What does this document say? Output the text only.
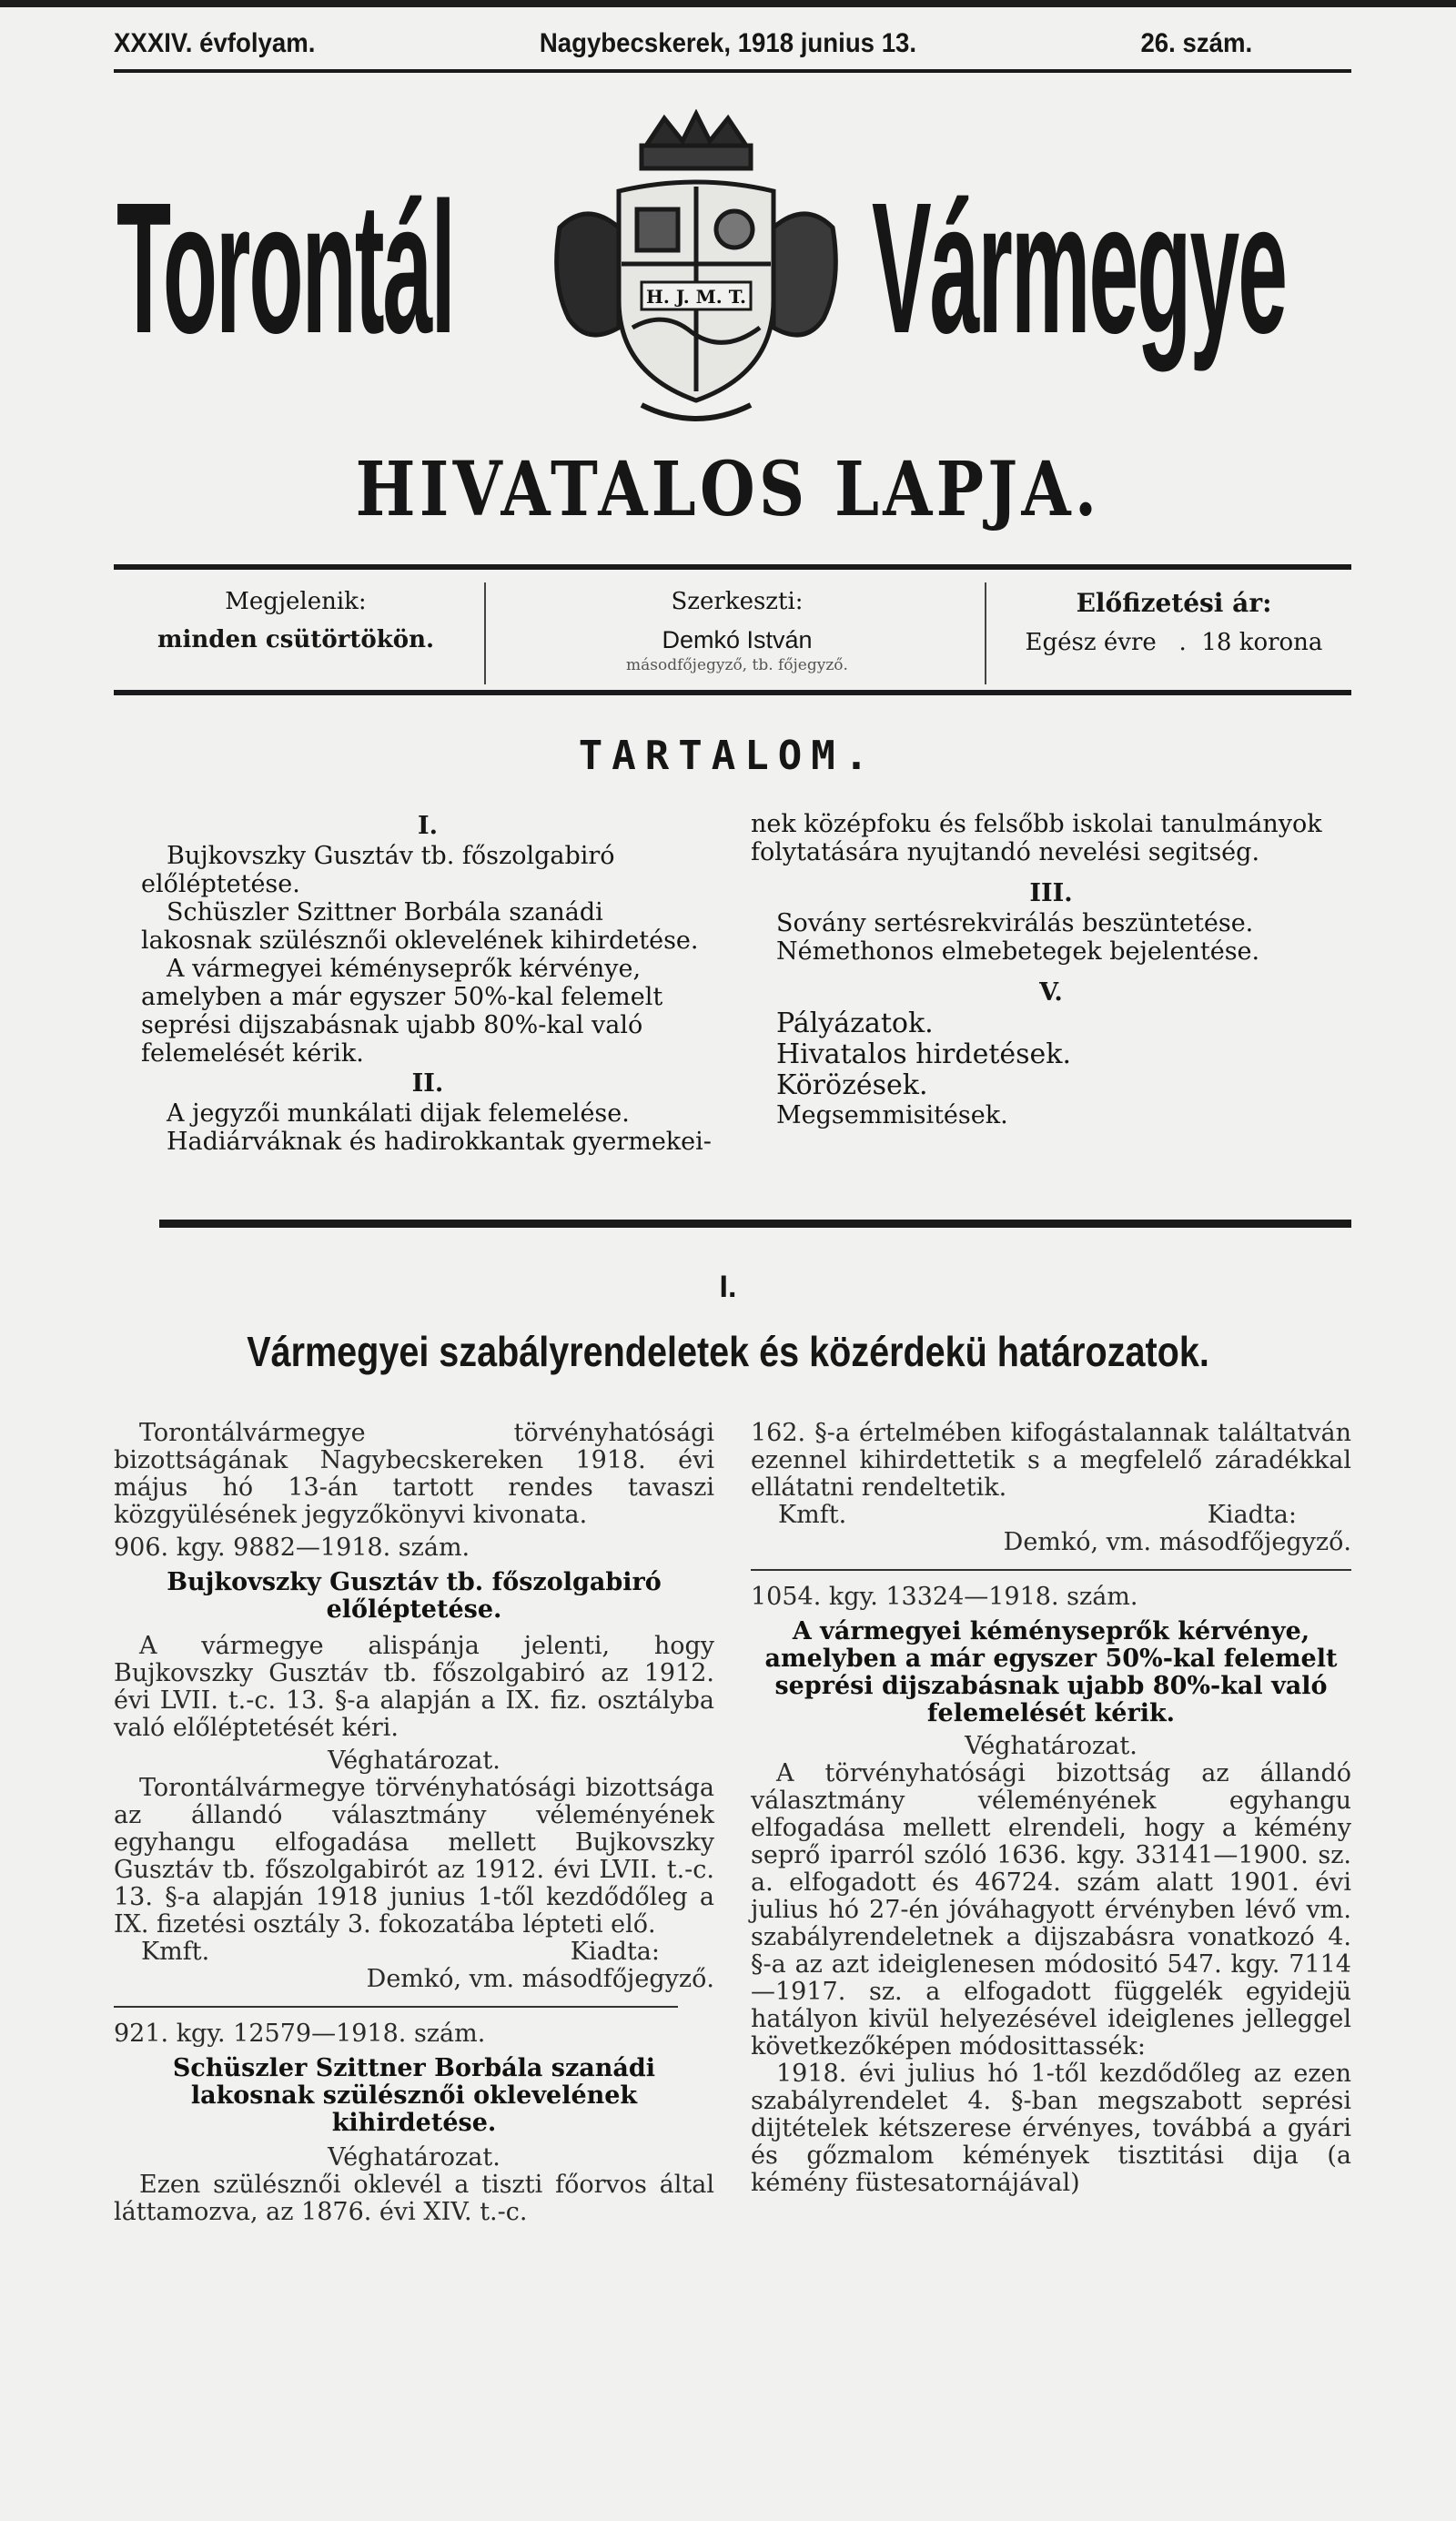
XXXIV. évfolyam.	Nagybecskerek, 1918 junius 13.	26. szám.
Torontál Vármegye
H. J. M. T.
HIVATALOS LAPJA.
Megjelenik:
minden csütörtökön.
Szerkeszti:
Demkó István
másodfőjegyző, tb. főjegyző.
Előfizetési ár:
Egész évre   .  18 korona
TARTALOM.

I.

Bujkovszky Gusztáv tb. főszolgabiró előléptetése.

Schüszler Szittner Borbála szanádi lakosnak szülésznői oklevelének kihirdetése.

A vármegyei kéményseprők kérvénye, amelyben a már egyszer 50%-kal felemelt seprési dijszabásnak ujabb 80%-kal való felemelését kérik.

II.

A jegyzői munkálati dijak felemelése.

Hadiárváknak és hadirokkantak gyermekei-

nek középfoku és felsőbb iskolai tanulmányok folytatására nyujtandó nevelési segitség.

III.

Sovány sertésrekvirálás beszüntetése.

Némethonos elmebetegek bejelentése.

V.

Pályázatok.

Hivatalos hirdetések.

Körözések.

Megsemmisitések.

I.
Vármegyei szabályrendeletek és közérdekü határozatok.

Torontálvármegye törvényhatósági bizottságának Nagybecskereken 1918. évi május hó 13-án tartott rendes tavaszi közgyülésének jegyzőkönyvi kivonata.

906. kgy. 9882—1918. szám.

Bujkovszky Gusztáv tb. főszolgabiró előléptetése.

A vármegye alispánja jelenti, hogy Bujkovszky Gusztáv tb. főszolgabiró az 1912. évi LVII. t.-c. 13. §-a alapján a IX. fiz. osztályba való előléptetését kéri.

Véghatározat.

Torontálvármegye törvényhatósági bizottsága az állandó választmány véleményének egyhangu elfogadása mellett Bujkovszky Gusztáv tb. főszolgabirót az 1912. évi LVII. t.-c. 13. §-a alapján 1918 junius 1-től kezdődőleg a IX. fizetési osztály 3. fokozatába lépteti elő.

Kmft.	Kiadta:

Demkó, vm. másodfőjegyző.

921. kgy. 12579—1918. szám.

Schüszler Szittner Borbála szanádi lakosnak szülésznői oklevelének kihirdetése.

Véghatározat.

Ezen szülésznői oklevél a tiszti főorvos által láttamozva, az 1876. évi XIV. t.-c.

162. §-a értelmében kifogástalannak találtatván ezennel kihirdettetik s a megfelelő záradékkal ellátatni rendeltetik.

Kmft.	Kiadta:

Demkó, vm. másodfőjegyző.

1054. kgy. 13324—1918. szám.

A vármegyei kéményseprők kérvénye, amelyben a már egyszer 50%-kal felemelt seprési dijszabásnak ujabb 80%-kal való felemelését kérik.

Véghatározat.

A törvényhatósági bizottság az állandó választmány véleményének egyhangu elfogadása mellett elrendeli, hogy a kémény seprő iparról szóló 1636. kgy. 33141—1900. sz. a. elfogadott és 46724. szám alatt 1901. évi julius hó 27-én jóváhagyott érvényben lévő vm. szabályrendeletnek a dijszabásra vonatkozó 4. §-a az azt ideiglenesen módositó 547. kgy. 7114—1917. sz. a elfogadott függelék egyidejü hatályon kivül helyezésével ideiglenes jelleggel következőképen módosittassék:

1918. évi julius hó 1-től kezdődőleg az ezen szabályrendelet 4. §-ban megszabott seprési dijtételek kétszerese érvényes, továbbá a gyári és gőzmalom kémények tisztitási dija (a kémény füstesatornájával)
